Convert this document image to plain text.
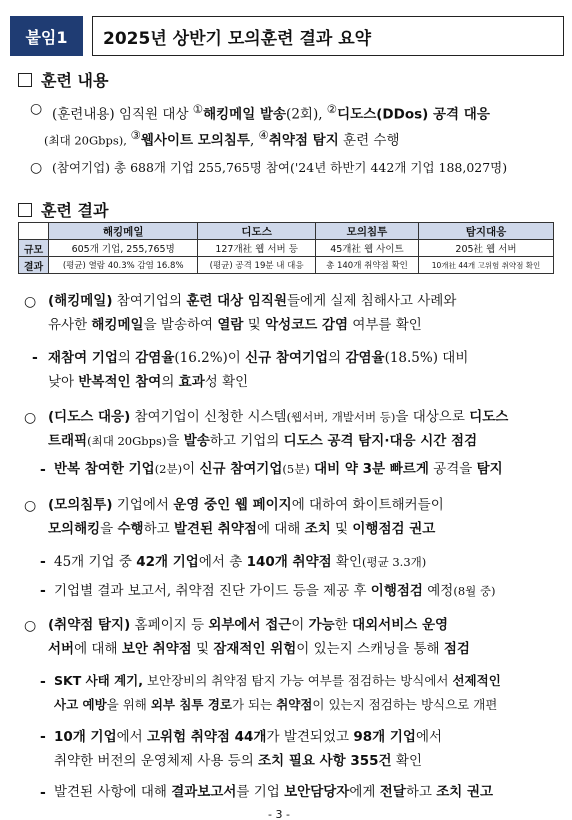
붙임1	2025년 상반기 모의훈련 결과 요약
훈련 내용
○ (훈련내용) 임직원 대상 ①해킹메일 발송(2회), ②디도스(DDos) 공격 대응
(최대 20Gbps), ③웹사이트 모의침투, ④취약점 탐지 훈련 수행
○ (참여기업) 총 688개 기업 255,765명 참여('24년 하반기 442개 기업 188,027명)
훈련 결과
	해킹메일	디도스	모의침투	탐지대응
규모	605개 기업, 255,765명	127개社 웹 서버 등	45개社 웹 사이트	205社 웹 서버
결과	(평균) 열람 40.3% 감염 16.8%	(평균) 공격 19분 내 대응	총 140개 취약점 확인	10개社 44개 고위험 취약점 확인
○ (해킹메일) 참여기업의 훈련 대상 임직원들에게 실제 침해사고 사례와
유사한 해킹메일을 발송하여 열람 및 악성코드 감염 여부를 확인
- 재참여 기업의 감염율(16.2%)이 신규 참여기업의 감염율(18.5%) 대비
낮아 반복적인 참여의 효과성 확인
○ (디도스 대응) 참여기업이 신청한 시스템(웹서버, 개발서버 등)을 대상으로 디도스
트래픽(최대 20Gbps)을 발송하고 기업의 디도스 공격 탐지·대응 시간 점검
- 반복 참여한 기업(2분)이 신규 참여기업(5분) 대비 약 3분 빠르게 공격을 탐지
○ (모의침투) 기업에서 운영 중인 웹 페이지에 대하여 화이트해커들이
모의해킹을 수행하고 발견된 취약점에 대해 조치 및 이행점검 권고
- 45개 기업 중 42개 기업에서 총 140개 취약점 확인(평균 3.3개)
- 기업별 결과 보고서, 취약점 진단 가이드 등을 제공 후 이행점검 예정(8월 중)
○ (취약점 탐지) 홈페이지 등 외부에서 접근이 가능한 대외서비스 운영
서버에 대해 보안 취약점 및 잠재적인 위험이 있는지 스캐닝을 통해 점검
- SKT 사태 계기, 보안장비의 취약점 탐지 가능 여부를 점검하는 방식에서 선제적인
사고 예방을 위해 외부 침투 경로가 되는 취약점이 있는지 점검하는 방식으로 개편
- 10개 기업에서 고위험 취약점 44개가 발견되었고 98개 기업에서
취약한 버전의 운영체제 사용 등의 조치 필요 사항 355건 확인
- 발견된 사항에 대해 결과보고서를 기업 보안담당자에게 전달하고 조치 권고
- 3 -
